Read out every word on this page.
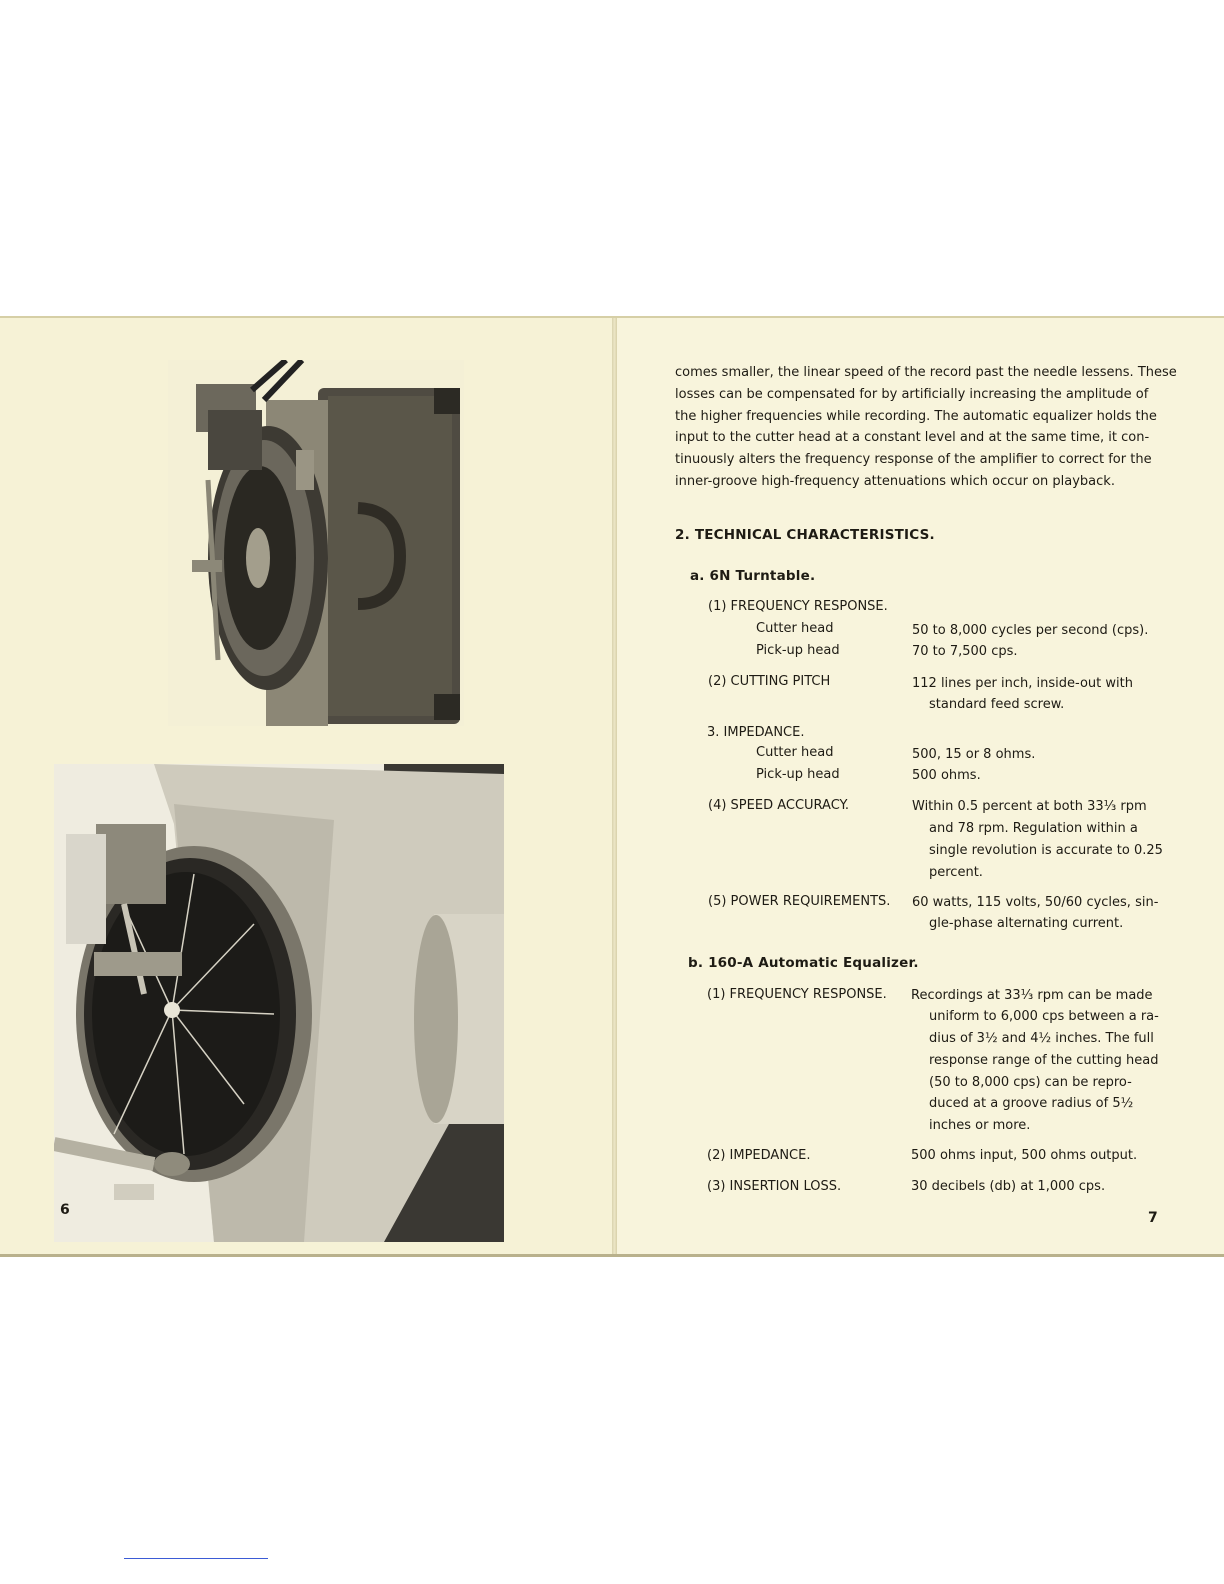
6
comes smaller, the linear speed of the record past the needle lessens. These
losses can be compensated for by artificially increasing the amplitude of
the higher frequencies while recording. The automatic equalizer holds the
input to the cutter head at a constant level and at the same time, it con-
tinuously alters the frequency response of the amplifier to correct for the
inner-groove high-frequency attenuations which occur on playback.
2. TECHNICAL CHARACTERISTICS.
a. 6N Turntable.
(1) FREQUENCY RESPONSE.
Cutter head	50 to 8,000 cycles per second (cps).
Pick-up head	70 to 7,500 cps.
(2) CUTTING PITCH	112 lines per inch, inside-out with
standard feed screw.
3. IMPEDANCE.
Cutter head	500, 15 or 8 ohms.
Pick-up head	500 ohms.
(4) SPEED ACCURACY.	Within 0.5 percent at both 33⅓ rpm
and 78 rpm. Regulation within a
single revolution is accurate to 0.25
percent.
(5) POWER REQUIREMENTS. 60 watts, 115 volts, 50/60 cycles, sin-
gle-phase alternating current.
b. 160-A Automatic Equalizer.
(1) FREQUENCY RESPONSE. Recordings at 33⅓ rpm can be made
uniform to 6,000 cps between a ra-
dius of 3½ and 4½ inches. The full
response range of the cutting head
(50 to 8,000 cps) can be repro-
duced at a groove radius of 5½
inches or more.
(2) IMPEDANCE.	500 ohms input, 500 ohms output.
(3) INSERTION LOSS.	30 decibels (db) at 1,000 cps.
7
